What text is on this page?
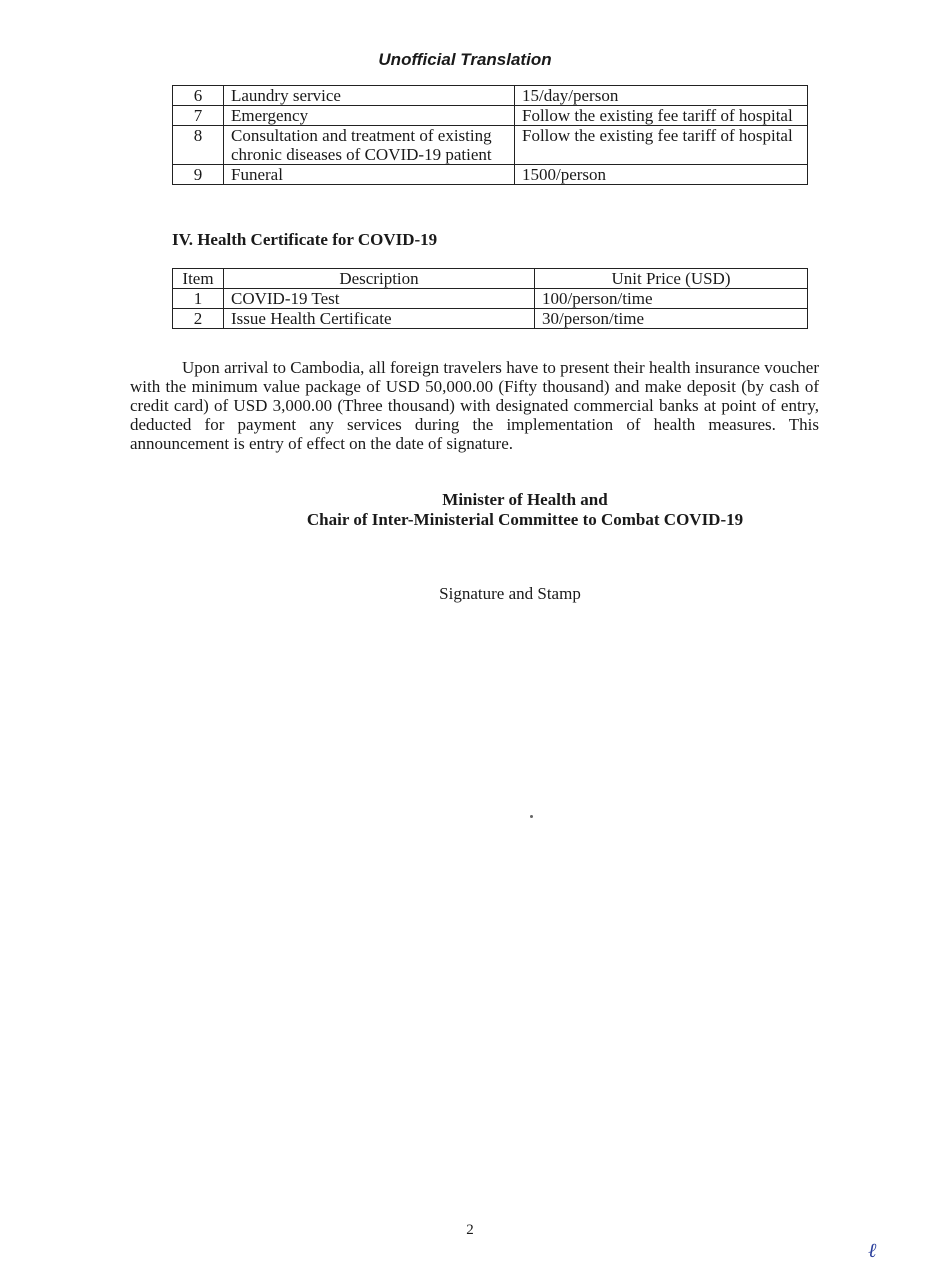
Unofficial Translation
6	Laundry service	15/day/person
7	Emergency	Follow the existing fee tariff of hospital
8	Consultation and treatment of existing chronic diseases of COVID-19 patient	Follow the existing fee tariff of hospital
9	Funeral	1500/person
IV. Health Certificate for COVID-19
Item	Description	Unit Price (USD)
1	COVID-19 Test	100/person/time
2	Issue Health Certificate	30/person/time
Upon arrival to Cambodia, all foreign travelers have to present their health insurance voucher with the minimum value package of USD 50,000.00 (Fifty thousand) and make deposit (by cash of credit card) of USD 3,000.00 (Three thousand) with designated commercial banks at point of entry, deducted for payment any services during the implementation of health measures. This announcement is entry of effect on the date of signature.
Minister of Health and
Chair of Inter-Ministerial Committee to Combat COVID-19
Signature and Stamp
2
ℓ
